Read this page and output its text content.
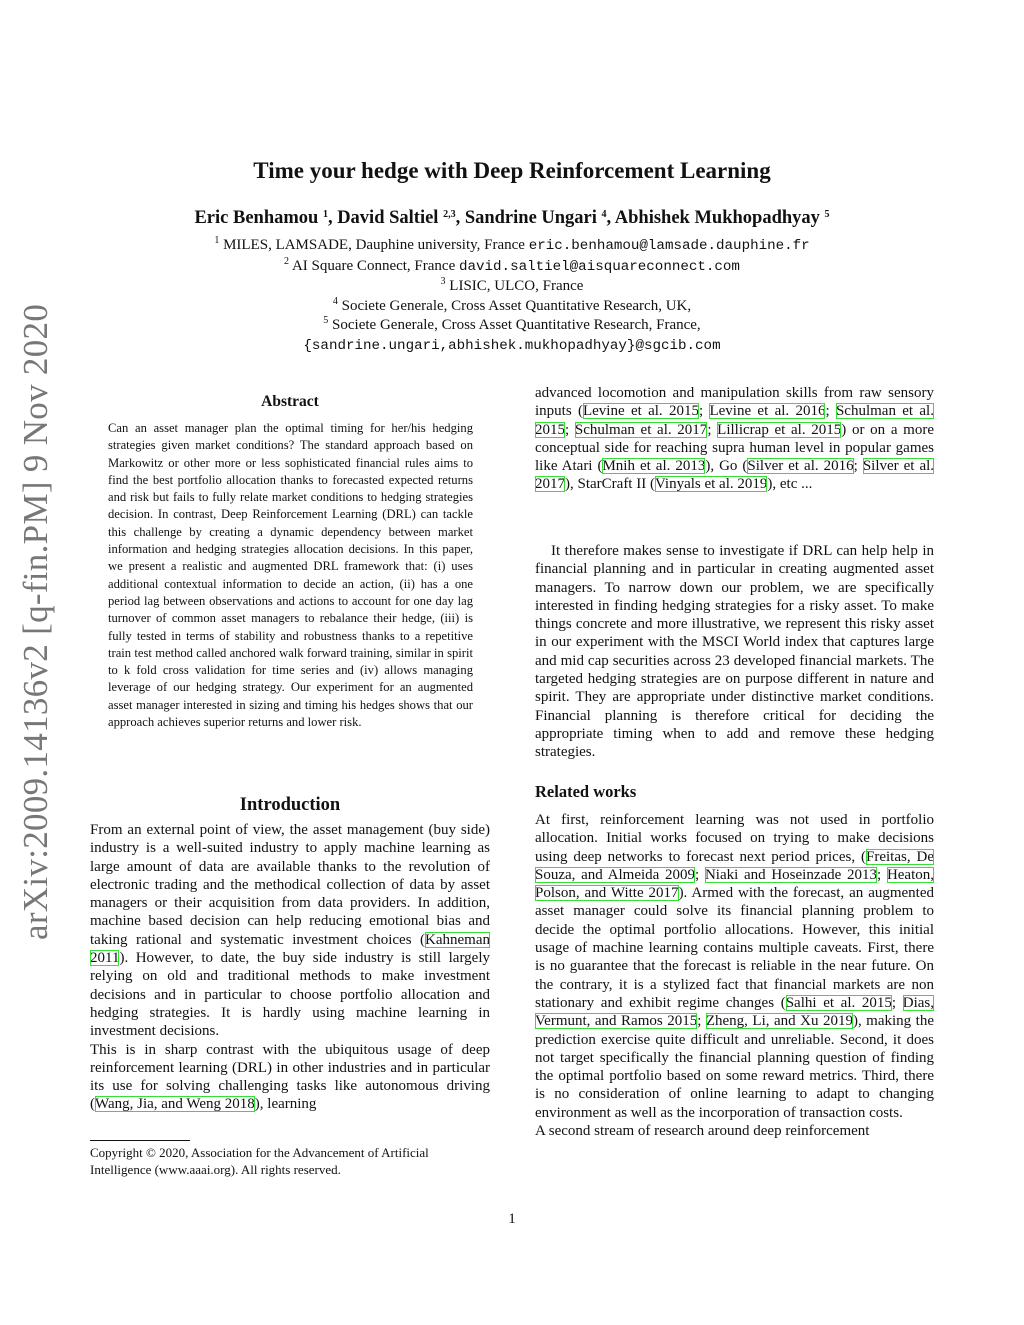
arXiv:2009.14136v2 [q-fin.PM] 9 Nov 2020
Time your hedge with Deep Reinforcement Learning
Eric Benhamou $^1$, David Saltiel $^{2,3}$, Sandrine Ungari $^4$, Abhishek Mukhopadhyay $^5$
$^1$ MILES, LAMSADE, Dauphine university, France eric.benhamou@lamsade.dauphine.fr
$^2$ AI Square Connect, France david.saltiel@aisquareconnect.com
$^3$ LISIC, ULCO, France
$^4$ Societe Generale, Cross Asset Quantitative Research, UK,
$^5$ Societe Generale, Cross Asset Quantitative Research, France,
{sandrine.ungari,abhishek.mukhopadhyay}@sgcib.com
Abstract
Can an asset manager plan the optimal timing for her/his hedging strategies given market conditions? The standard approach based on Markowitz or other more or less sophisticated financial rules aims to find the best portfolio allocation thanks to forecasted expected returns and risk but fails to fully relate market conditions to hedging strategies decision. In contrast, Deep Reinforcement Learning (DRL) can tackle this challenge by creating a dynamic dependency between market information and hedging strategies allocation decisions. In this paper, we present a realistic and augmented DRL framework that: (i) uses additional contextual information to decide an action, (ii) has a one period lag between observations and actions to account for one day lag turnover of common asset managers to rebalance their hedge, (iii) is fully tested in terms of stability and robustness thanks to a repetitive train test method called anchored walk forward training, similar in spirit to k fold cross validation for time series and (iv) allows managing leverage of our hedging strategy. Our experiment for an augmented asset manager interested in sizing and timing his hedges shows that our approach achieves superior returns and lower risk.
Introduction

From an external point of view, the asset management (buy side) industry is a well-suited industry to apply machine learning as large amount of data are available thanks to the revolution of electronic trading and the methodical collection of data by asset managers or their acquisition from data providers. In addition, machine based decision can help reducing emotional bias and taking rational and systematic investment choices (Kahneman 2011). However, to date, the buy side industry is still largely relying on old and traditional methods to make investment decisions and in particular to choose portfolio allocation and hedging strategies. It is hardly using machine learning in investment decisions.

This is in sharp contrast with the ubiquitous usage of deep reinforcement learning (DRL) in other industries and in particular its use for solving challenging tasks like autonomous driving (Wang, Jia, and Weng 2018), learning

Copyright © 2020, Association for the Advancement of Artificial Intelligence (www.aaai.org). All rights reserved.

advanced locomotion and manipulation skills from raw sensory inputs (Levine et al. 2015; Levine et al. 2016; Schulman et al. 2015; Schulman et al. 2017; Lillicrap et al. 2015) or on a more conceptual side for reaching supra human level in popular games like Atari (Mnih et al. 2013), Go (Silver et al. 2016; Silver et al. 2017), StarCraft II (Vinyals et al. 2019), etc ...

It therefore makes sense to investigate if DRL can help help in financial planning and in particular in creating augmented asset managers. To narrow down our problem, we are specifically interested in finding hedging strategies for a risky asset. To make things concrete and more illustrative, we represent this risky asset in our experiment with the MSCI World index that captures large and mid cap securities across 23 developed financial markets. The targeted hedging strategies are on purpose different in nature and spirit. They are appropriate under distinctive market conditions. Financial planning is therefore critical for deciding the appropriate timing when to add and remove these hedging strategies.

Related works

At first, reinforcement learning was not used in portfolio allocation. Initial works focused on trying to make decisions using deep networks to forecast next period prices, (Freitas, De Souza, and Almeida 2009; Niaki and Hoseinzade 2013; Heaton, Polson, and Witte 2017). Armed with the forecast, an augmented asset manager could solve its financial planning problem to decide the optimal portfolio allocations. However, this initial usage of machine learning contains multiple caveats. First, there is no guarantee that the forecast is reliable in the near future. On the contrary, it is a stylized fact that financial markets are non stationary and exhibit regime changes (Salhi et al. 2015; Dias, Vermunt, and Ramos 2015; Zheng, Li, and Xu 2019), making the prediction exercise quite difficult and unreliable. Second, it does not target specifically the financial planning question of finding the optimal portfolio based on some reward metrics. Third, there is no consideration of online learning to adapt to changing environment as well as the incorporation of transaction costs.

A second stream of research around deep reinforcement

1
